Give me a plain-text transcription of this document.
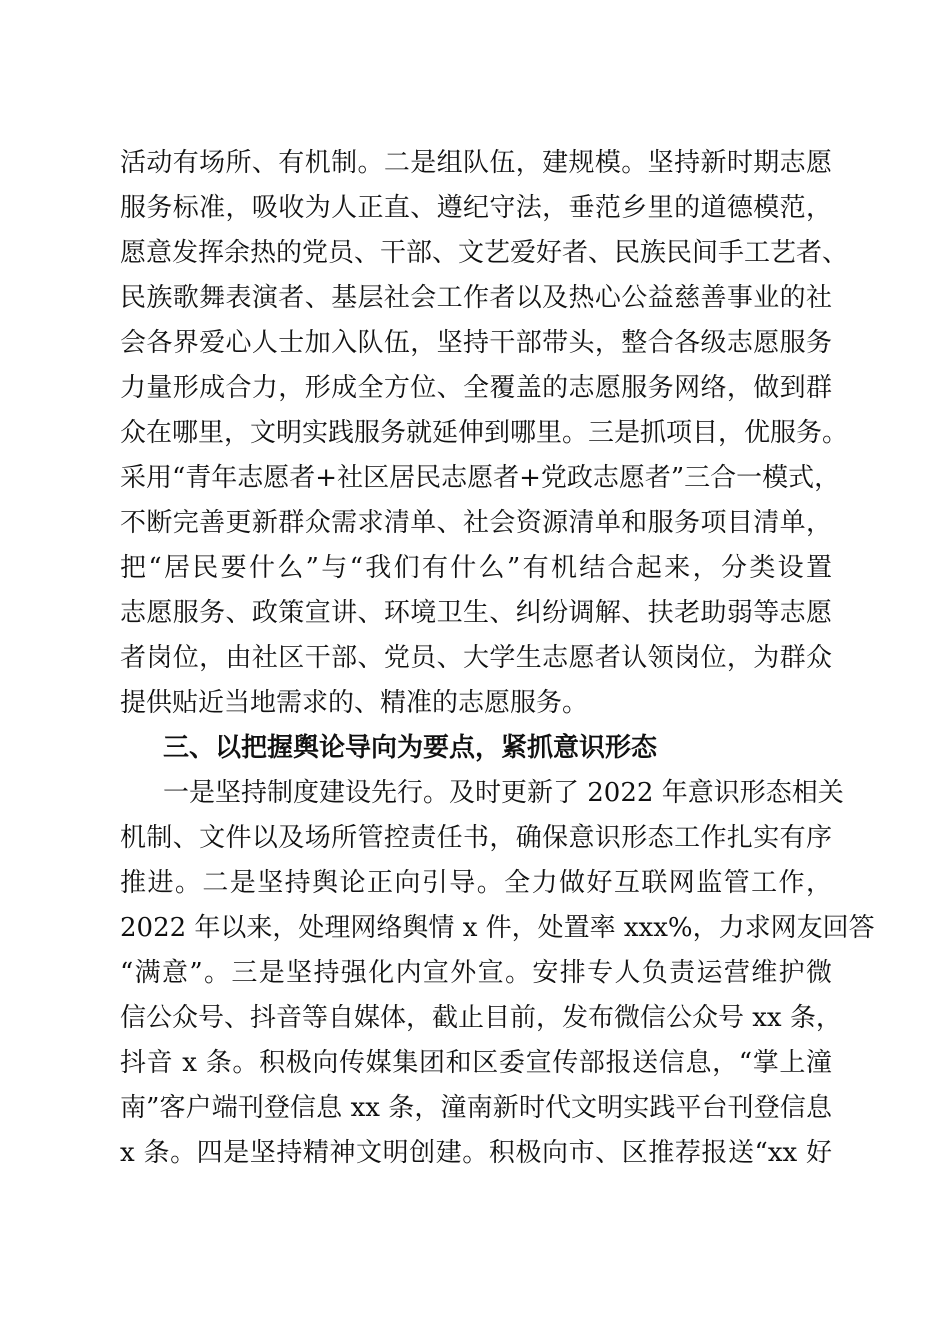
活动有场所、有机制。二是组队伍，建规模。坚持新时期志愿
服务标准，吸收为人正直、遵纪守法，垂范乡里的道德模范，
愿意发挥余热的党员、干部、文艺爱好者、民族民间手工艺者、
民族歌舞表演者、基层社会工作者以及热心公益慈善事业的社
会各界爱心人士加入队伍，坚持干部带头，整合各级志愿服务
力量形成合力，形成全方位、全覆盖的志愿服务网络，做到群
众在哪里，文明实践服务就延伸到哪里。三是抓项目，优服务。
采用“青年志愿者+社区居民志愿者+党政志愿者”三合一模式，
不断完善更新群众需求清单、社会资源清单和服务项目清单，
把“居民要什么”与“我们有什么”有机结合起来，分类设置
志愿服务、政策宣讲、环境卫生、纠纷调解、扶老助弱等志愿
者岗位，由社区干部、党员、大学生志愿者认领岗位，为群众
提供贴近当地需求的、精准的志愿服务。
三、以把握舆论导向为要点，紧抓意识形态
一是坚持制度建设先行。及时更新了 2022 年意识形态相关
机制、文件以及场所管控责任书，确保意识形态工作扎实有序
推进。二是坚持舆论正向引导。全力做好互联网监管工作，
2022 年以来，处理网络舆情 x 件，处置率 xxx%，力求网友回答
“满意”。三是坚持强化内宣外宣。安排专人负责运营维护微
信公众号、抖音等自媒体，截止目前，发布微信公众号 xx 条，
抖音 x 条。积极向传媒集团和区委宣传部报送信息，“掌上潼
南”客户端刊登信息 xx 条，潼南新时代文明实践平台刊登信息
x 条。四是坚持精神文明创建。积极向市、区推荐报送“xx 好
